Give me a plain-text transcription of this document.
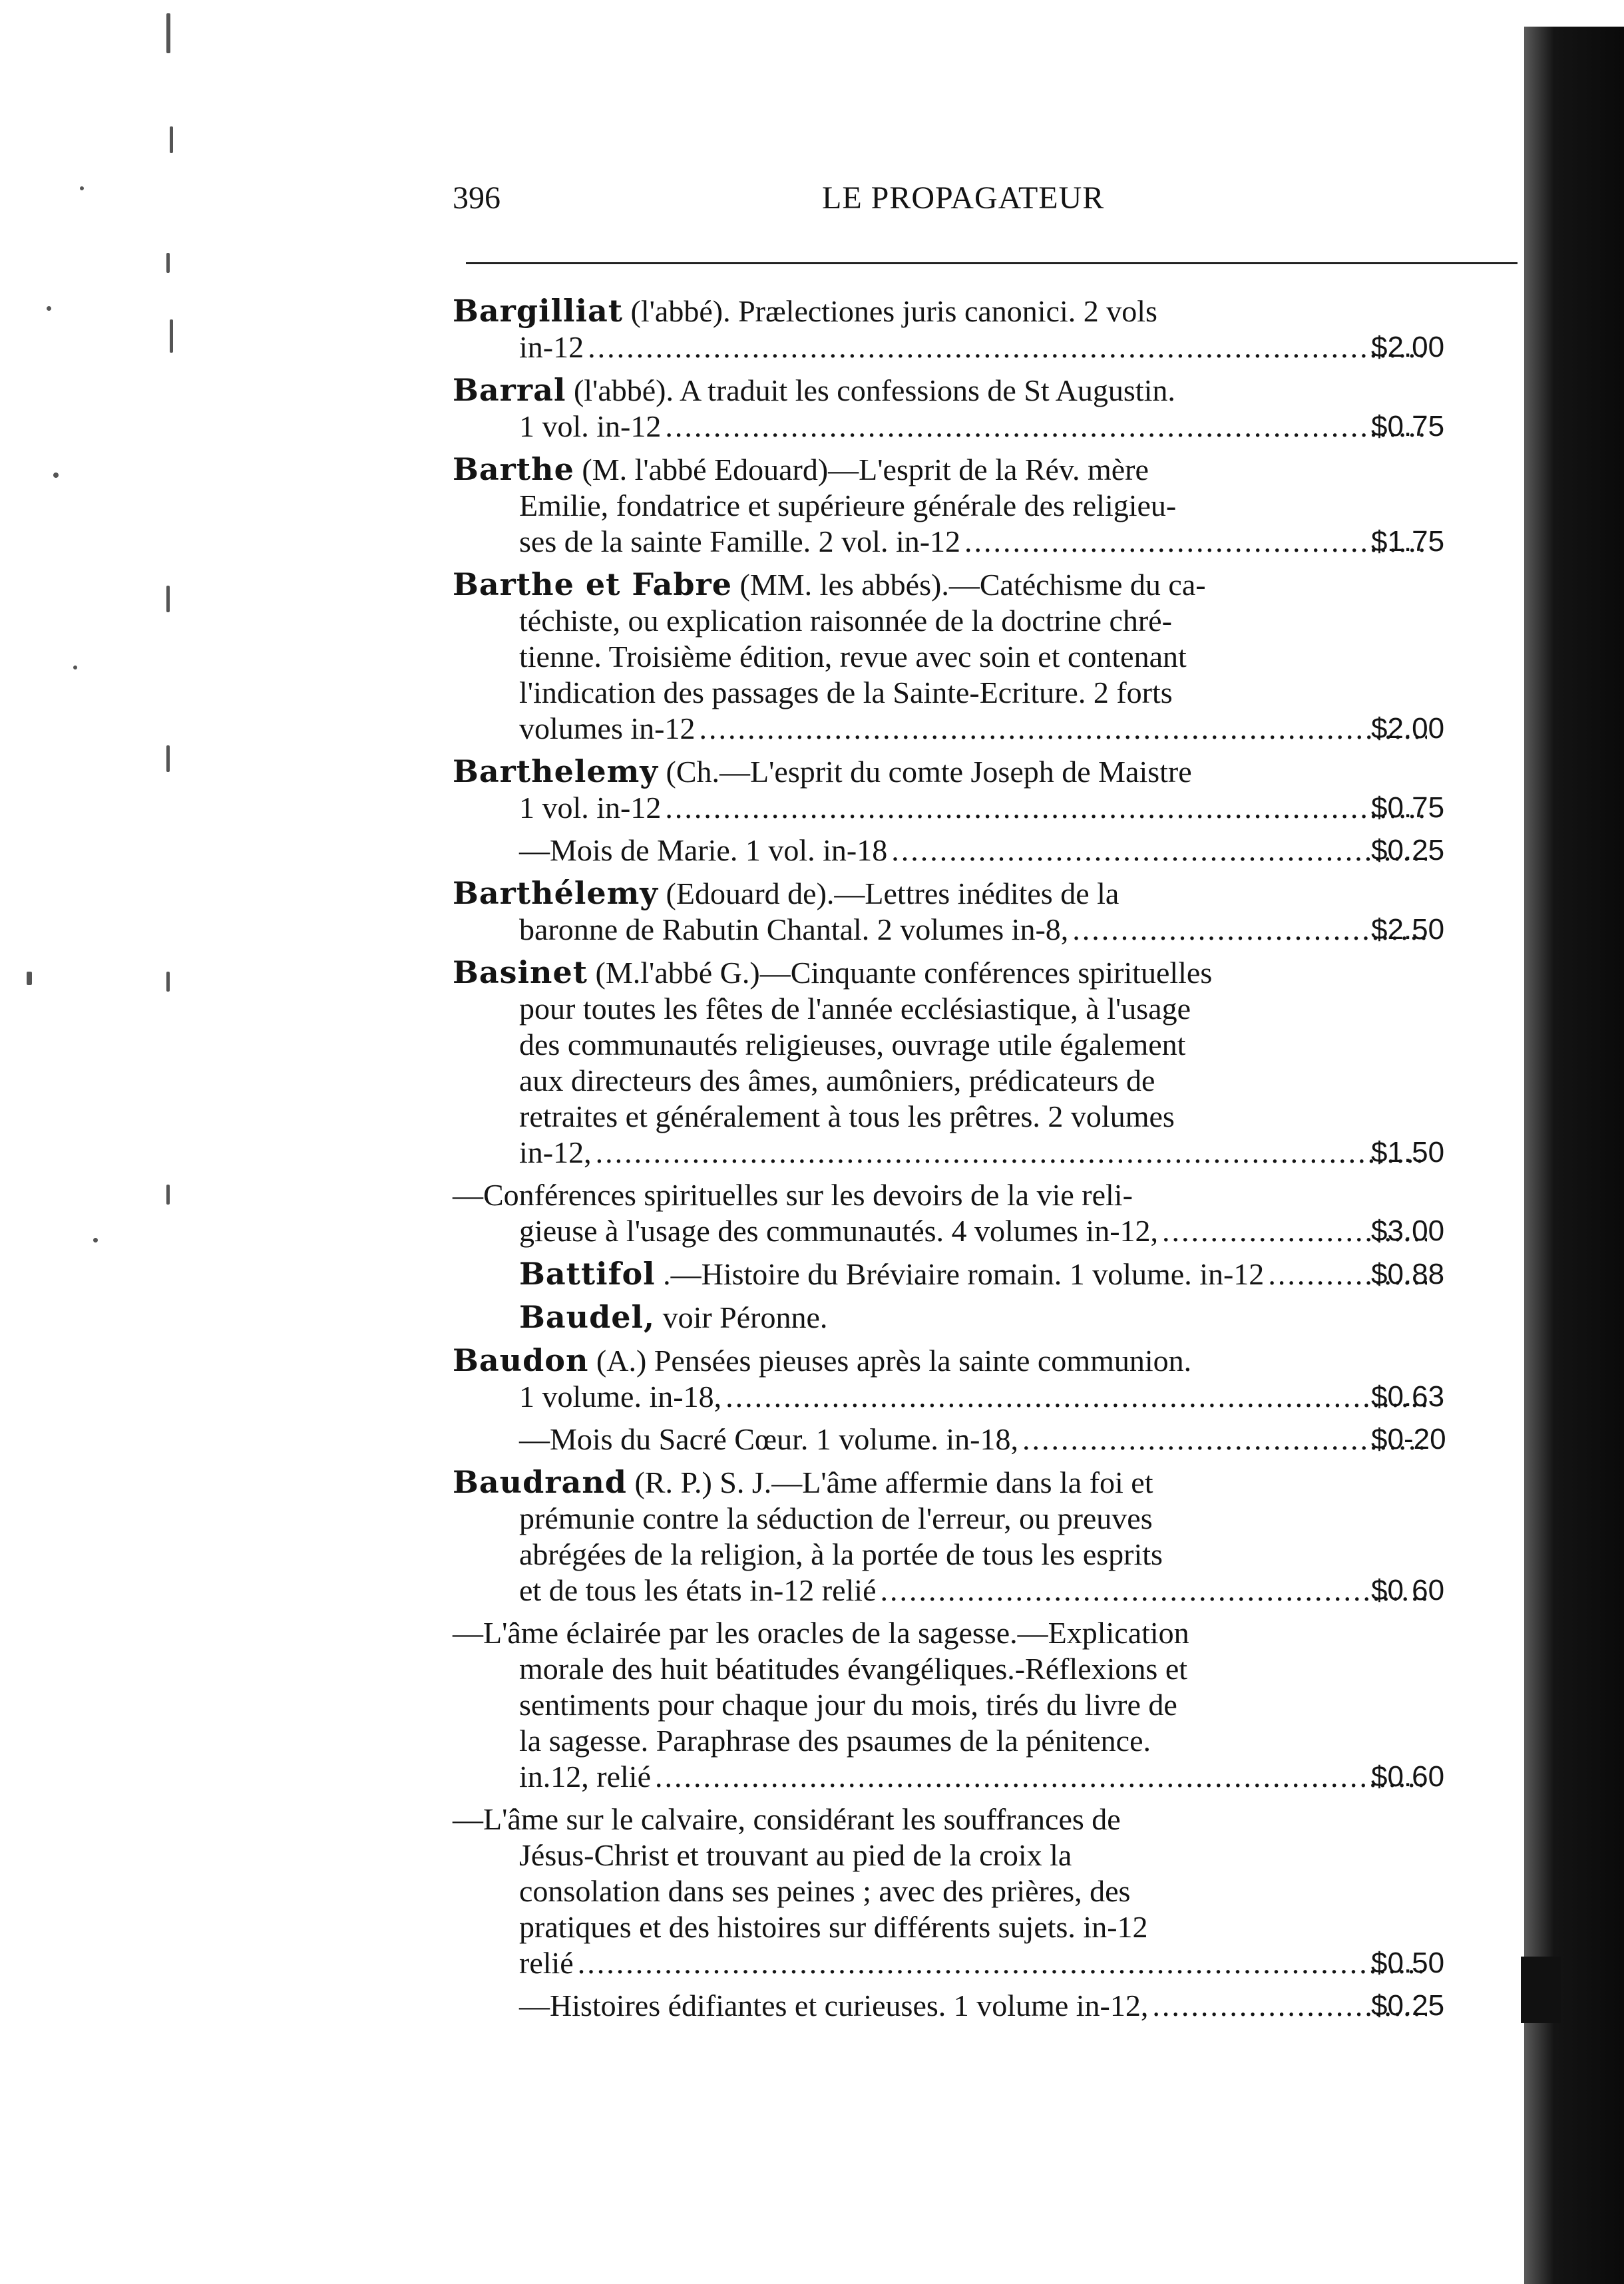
396	LE PROPAGATEUR
Bargilliat (l'abbé). Prælectiones juris canonici. 2 vols
in-12 .....	$2.00
Barral (l'abbé). A traduit les confessions de St Augustin.
1 vol. in-12 .....	$0.75
Barthe (M. l'abbé Edouard)—L'esprit de la Rév. mère
Emilie, fondatrice et supérieure générale des religieu-
ses de la sainte Famille. 2 vol. in-12 .....	$1.75
Barthe et Fabre (MM. les abbés).—Catéchisme du ca-
téchiste, ou explication raisonnée de la doctrine chré-
tienne. Troisième édition, revue avec soin et contenant
l'indication des passages de la Sainte-Ecriture. 2 forts
volumes in-12 .....	$2.00
Barthelemy (Ch.—L'esprit du comte Joseph de Maistre
1 vol. in-12 .....	$0.75
—Mois de Marie. 1 vol. in-18 .....	$0.25
Barthélemy (Edouard de).—Lettres inédites de la
baronne de Rabutin Chantal. 2 volumes in-8, .....	$2.50
Basinet (M.l'abbé G.)—Cinquante conférences spirituelles
pour toutes les fêtes de l'année ecclésiastique, à l'usage
des communautés religieuses, ouvrage utile également
aux directeurs des âmes, aumôniers, prédicateurs de
retraites et généralement à tous les prêtres. 2 volumes
in-12, .....	$1.50
—Conférences spirituelles sur les devoirs de la vie reli-
gieuse à l'usage des communautés. 4 volumes in-12, .....	$3.00
Battifol
.—Histoire du Bréviaire romain. 1 volume. in-12 .....	$0.88
Baudel,
voir Péronne.
Baudon (A.) Pensées pieuses après la sainte communion.
1 volume. in-18, .....	$0.63
—Mois du Sacré Cœur. 1 volume. in-18, .....	$0-20
Baudrand (R. P.) S. J.—L'âme affermie dans la foi et
prémunie contre la séduction de l'erreur, ou preuves
abrégées de la religion, à la portée de tous les esprits
et de tous les états in-12 relié .....	$0 60
—L'âme éclairée par les oracles de la sagesse.—Explication
morale des huit béatitudes évangéliques.-Réflexions et
sentiments pour chaque jour du mois, tirés du livre de
la sagesse. Paraphrase des psaumes de la pénitence.
in.12, relié .....	$0.60
—L'âme sur le calvaire, considérant les souffrances de
Jésus-Christ et trouvant au pied de la croix la
consolation dans ses peines ; avec des prières, des
pratiques et des histoires sur différents sujets. in-12
relié .....	$0.50
—Histoires édifiantes et curieuses. 1 volume in-12, .....	$0.25
